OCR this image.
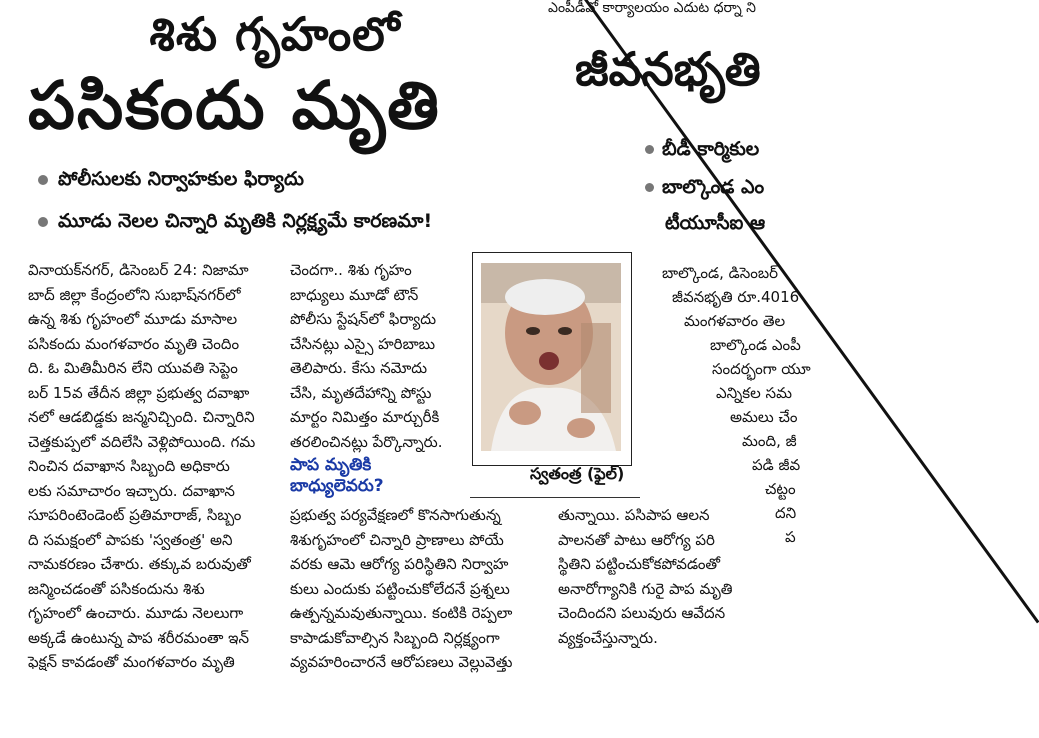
ఎంపీడీవో కార్యాలయం ఎదుట ధర్నా ని
జీవనభృతి
బీడీ కార్మికుల
బాల్కొండ ఎం
టీయూసీఐ ఆ
బాల్కొండ, డిసెంబర్
జీవనభృతి రూ.4016
మంగళవారం తెల
బాల్కొండ ఎంపీ
సందర్భంగా యూ
ఎన్నికల సమ
అమలు చేం
మంది, జీ
పడి జీవ
చట్టం
దని
ప
శిశు గృహంలో
పసికందు మృతి
పోలీసులకు నిర్వాహకుల ఫిర్యాదు
మూడు నెలల చిన్నారి మృతికి నిర్లక్ష్యమే కారణమా!

వినాయక్‌నగర్, డిసెంబర్ 24: నిజామా

బాద్ జిల్లా కేంద్రంలోని సుభాష్‌నగర్‌లో

ఉన్న శిశు గృహంలో మూడు మాసాల

పసికందు మంగళవారం మృతి చెందిం

ది. ఓ మితిమీరిన లేని యువతి సెప్టెం

బర్ 15వ తేదీన జిల్లా ప్రభుత్వ దవాఖా

నలో ఆడబిడ్డకు జన్మనిచ్చింది. చిన్నారిని

చెత్తకుప్పలో వదిలేసి వెళ్లిపోయింది. గమ

నించిన దవాఖాన సిబ్బంది అధికారు

లకు సమాచారం ఇచ్చారు. దవాఖాన

సూపరింటెండెంట్ ప్రతిమారాజ్, సిబ్బం

ది సమక్షంలో పాపకు 'స్వతంత్ర' అని

నామకరణం చేశారు. తక్కువ బరువుతో

జన్మించడంతో పసికందును శిశు

గృహంలో ఉంచారు. మూడు నెలలుగా

అక్కడే ఉంటున్న పాప శరీరమంతా ఇన్

ఫెక్షన్ కావడంతో మంగళవారం మృతి

చెందగా.. శిశు గృహం

బాధ్యులు మూడో టౌన్

పోలీసు స్టేషన్‌లో ఫిర్యాదు

చేసినట్లు ఎస్సై హరిబాబు

తెలిపారు. కేసు నమోదు

చేసి, మృతదేహాన్ని పోస్టు

మార్టం నిమిత్తం మార్చురీకి

తరలించినట్లు పేర్కొన్నారు.

స్వతంత్ర (ఫైల్)
పాప మృతికి బాధ్యులెవరు?

ప్రభుత్వ పర్యవేక్షణలో కొనసాగుతున్న

శిశుగృహంలో చిన్నారి ప్రాణాలు పోయే

వరకు ఆమె ఆరోగ్య పరిస్థితిని నిర్వాహ

కులు ఎందుకు పట్టించుకోలేదనే ప్రశ్నలు

ఉత్పన్నమవుతున్నాయి. కంటికి రెప్పలా

కాపాడుకోవాల్సిన సిబ్బంది నిర్లక్ష్యంగా

వ్యవహరించారనే ఆరోపణలు వెల్లువెత్తు

తున్నాయి. పసిపాప ఆలన

పాలనతో పాటు ఆరోగ్య పరి

స్థితిని పట్టించుకోకపోవడంతో

అనారోగ్యానికి గురై పాప మృతి

చెందిందని పలువురు ఆవేదన

వ్యక్తంచేస్తున్నారు.
